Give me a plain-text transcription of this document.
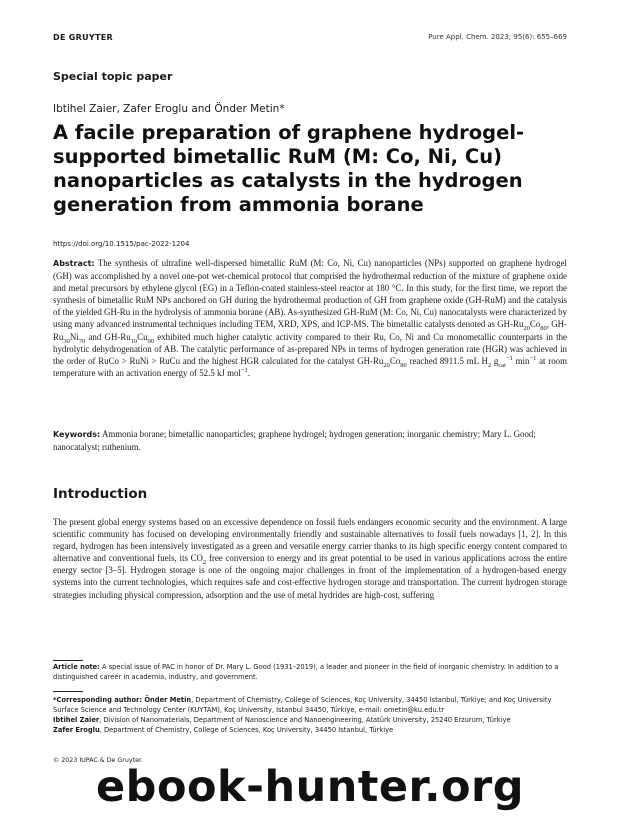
DE GRUYTER	Pure Appl. Chem. 2023; 95(6): 655–669
Special topic paper
Ibtihel Zaier, Zafer Eroglu and Önder Metin*
A facile preparation of graphene hydrogel-supported bimetallic RuM (M: Co, Ni, Cu) nanoparticles as catalysts in the hydrogen generation from ammonia borane
https://doi.org/10.1515/pac-2022-1204
Abstract: The synthesis of ultrafine well-dispersed bimetallic RuM (M: Co, Ni, Cu) nanoparticles (NPs) supported on graphene hydrogel (GH) was accomplished by a novel one-pot wet-chemical protocol that comprised the hydrothermal reduction of the mixture of graphene oxide and metal precursors by ethylene glycol (EG) in a Teflon-coated stainless-steel reactor at 180 °C. In this study, for the first time, we report the synthesis of bimetallic RuM NPs anchored on GH during the hydrothermal production of GH from graphene oxide (GH-RuM) and the catalysis of the yielded GH-Ru in the hydrolysis of ammonia borane (AB). As-synthesized GH-RuM (M: Co, Ni, Cu) nanocatalysts were characterized by using many advanced instrumental techniques including TEM, XRD, XPS, and ICP-MS. The bimetallic catalysts denoted as $GH-Ru_{20}Co_{80}$, $GH-Ru_{30}Ni_{70}$ and $GH-Ru_{10}Cu_{90}$ exhibited much higher catalytic activity compared to their Ru, Co, Ni and Cu monometallic counterparts in the hydrolytic dehydrogenation of AB. The catalytic performance of as-prepared NPs in terms of hydrogen generation rate (HGR) was achieved in the order of RuCo > RuNi > RuCu and the highest HGR calculated for the catalyst $GH-Ru_{20}Co_{80}$ reached 8911.5 mL $H_2$ $g_{cat}^{-1}$ $\min^{-1}$ at room temperature with an activation energy of 52.5 kJ mol$^{-1}$.
Keywords: Ammonia borane; bimetallic nanoparticles; graphene hydrogel; hydrogen generation; inorganic chemistry; Mary L. Good; nanocatalyst; ruthenium.
Introduction
The present global energy systems based on an excessive dependence on fossil fuels endangers economic security and the environment. A large scientific community has focused on developing environmentally friendly and sustainable alternatives to fossil fuels nowadays [1, 2]. In this regard, hydrogen has been intensively investigated as a green and versatile energy carrier thanks to its high specific energy content compared to alternative and conventional fuels, its $CO_2$ free conversion to energy and its great potential to be used in various applications across the entire energy sector [3–5]. Hydrogen storage is one of the ongoing major challenges in front of the implementation of a hydrogen-based energy systems into the current technologies, which requires safe and cost-effective hydrogen storage and transportation. The current hydrogen storage strategies including physical compression, adsorption and the use of metal hydrides are high-cost, suffering
Article note: A special issue of PAC in honor of Dr. Mary L. Good (1931–2019), a leader and pioneer in the field of inorganic chemistry. In addition to a distinguished career in academia, industry, and government.
*Corresponding author: Önder Metin, Department of Chemistry, College of Sciences, Koç University, 34450 Istanbul, Türkiye; and Koç University Surface Science and Technology Center (KUYTAM), Koç University, Istanbul 34450, Türkiye, e-mail: ometin@ku.edu.tr
Ibtihel Zaier, Division of Nanomaterials, Department of Nanoscience and Nanoengineering, Atatürk University, 25240 Erzurum, Türkiye
Zafer Eroglu, Department of Chemistry, College of Sciences, Koç University, 34450 Istanbul, Türkiye
© 2023 IUPAC & De Gruyter.
ebook-hunter.org
